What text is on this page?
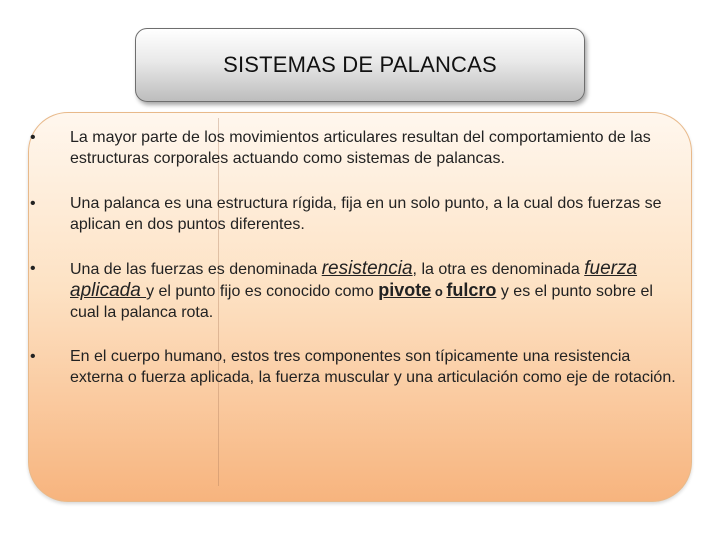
SISTEMAS DE PALANCAS
• La mayor parte de los movimientos articulares resultan del comportamiento de las estructuras corporales actuando como sistemas de palancas.
• Una palanca es una estructura rígida, fija en un solo punto, a la cual dos fuerzas se aplican en dos puntos diferentes.
• Una de las fuerzas es denominada resistencia, la otra es denominada fuerza aplicada y el punto fijo es conocido como pivote o fulcro y es el punto sobre el cual la palanca rota.
• En el cuerpo humano, estos tres componentes son típicamente una resistencia externa o fuerza aplicada, la fuerza muscular y una articulación como eje de rotación.
